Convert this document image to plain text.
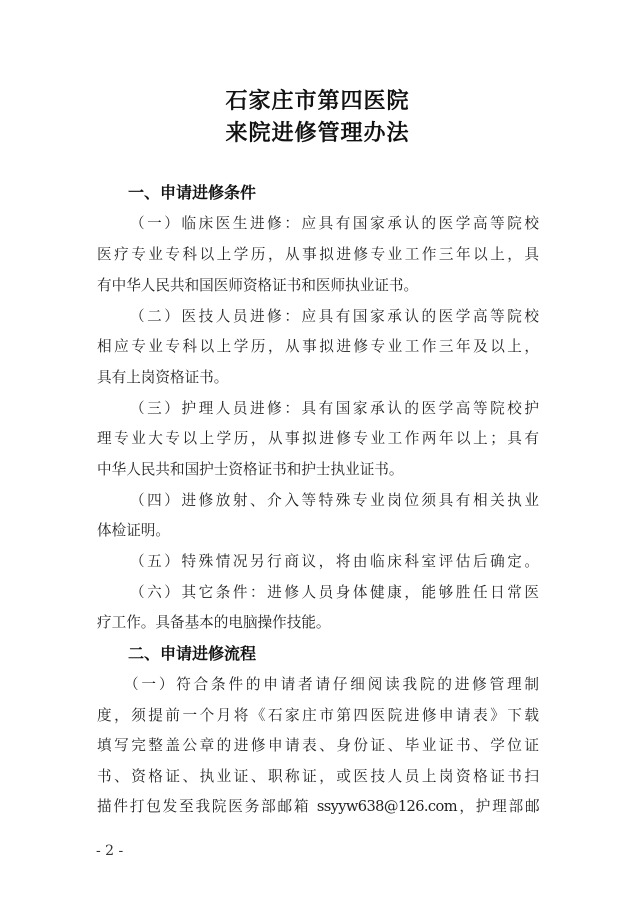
石家庄市第四医院
来院进修管理办法
一、申请进修条件
（一）临床医生进修：应具有国家承认的医学高等院校
医疗专业专科以上学历，从事拟进修专业工作三年以上，具
有中华人民共和国医师资格证书和医师执业证书。
（二）医技人员进修：应具有国家承认的医学高等院校
相应专业专科以上学历，从事拟进修专业工作三年及以上，
具有上岗资格证书。
（三）护理人员进修：具有国家承认的医学高等院校护
理专业大专以上学历，从事拟进修专业工作两年以上；具有
中华人民共和国护士资格证书和护士执业证书。
（四）进修放射、介入等特殊专业岗位须具有相关执业
体检证明。
（五）特殊情况另行商议，将由临床科室评估后确定。
（六）其它条件：进修人员身体健康，能够胜任日常医
疗工作。具备基本的电脑操作技能。
二、申请进修流程
（一）符合条件的申请者请仔细阅读我院的进修管理制
度，须提前一个月将《石家庄市第四医院进修申请表》下载
填写完整盖公章的进修申请表、身份证、毕业证书、学位证
书、资格证、执业证、职称证，或医技人员上岗资格证书扫
描件打包发至我院医务部邮箱 ssyyw638@126.com，护理部邮
- 2 -
